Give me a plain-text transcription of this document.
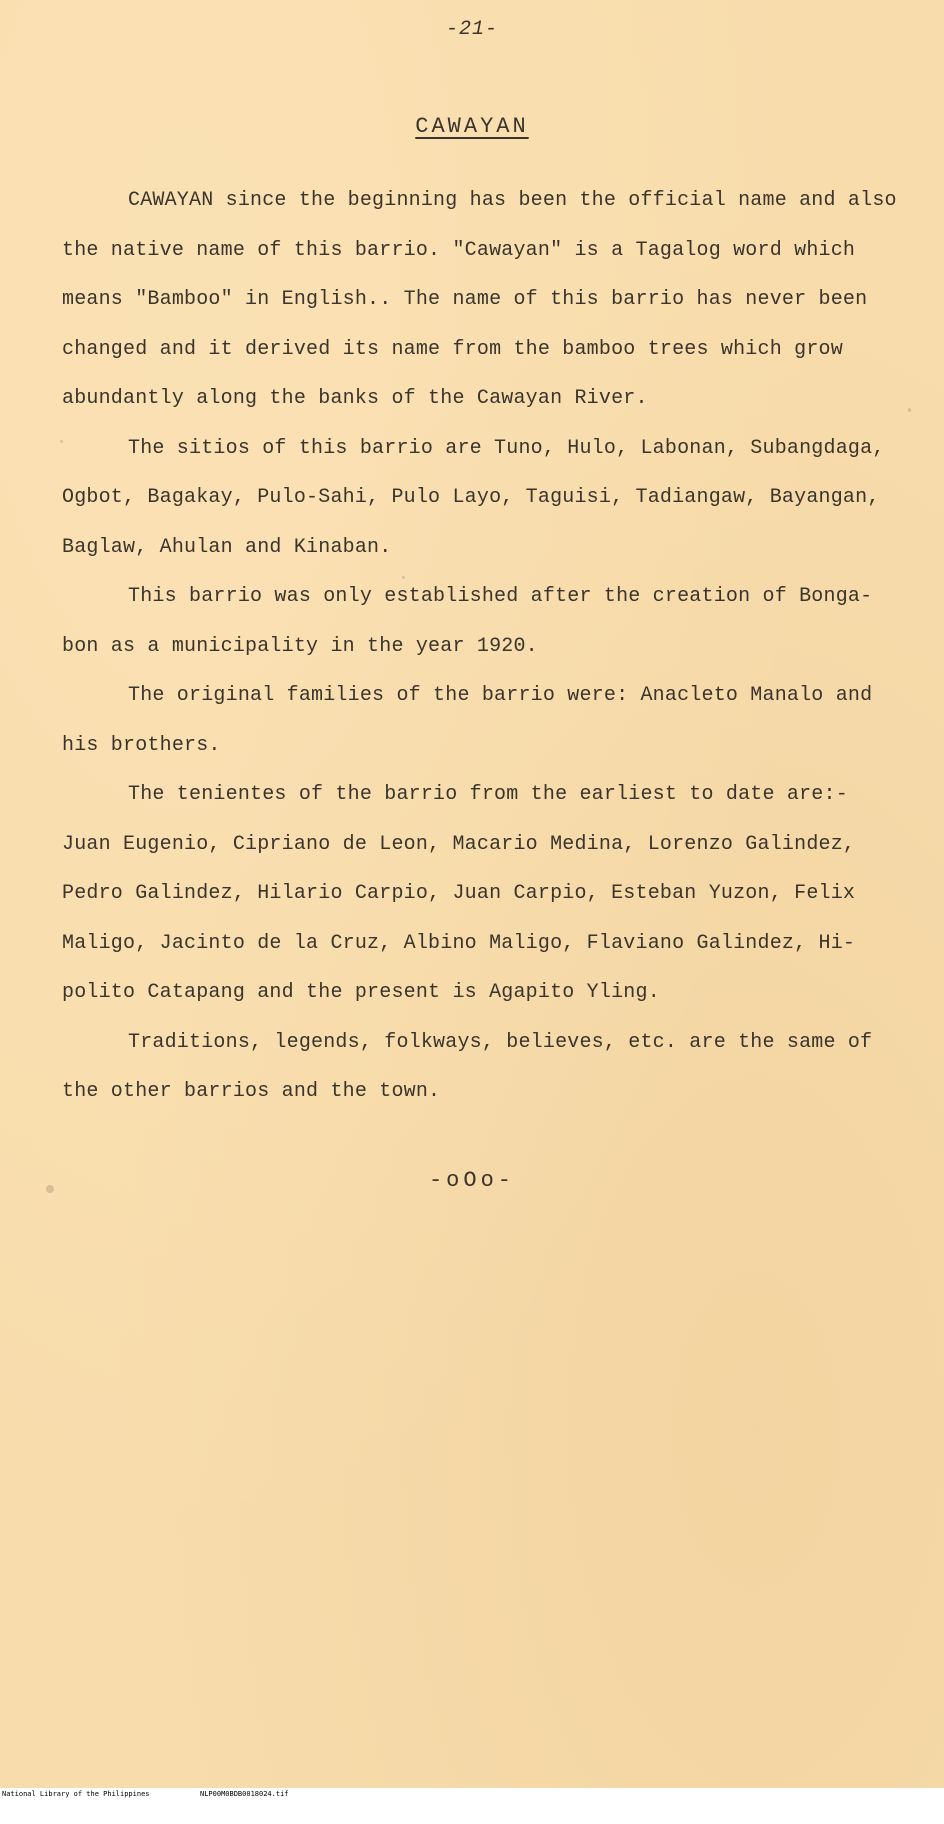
-21-
CAWAYAN

CAWAYAN since the beginning has been the official name and also the native name of this barrio. "Cawayan" is a Tagalog word which means "Bamboo" in English.. The name of this barrio has never been changed and it derived its name from the bamboo trees which grow abundantly along the banks of the Cawayan River.

The sitios of this barrio are Tuno, Hulo, Labonan, Subangdaga, Ogbot, Bagakay, Pulo-Sahi, Pulo Layo, Taguisi, Tadiangaw, Bayangan, Baglaw, Ahulan and Kinaban.

This barrio was only established after the creation of Bonga-bon as a municipality in the year 1920.

The original families of the barrio were: Anacleto Manalo and his brothers.

The tenientes of the barrio from the earliest to date are:- Juan Eugenio, Cipriano de Leon, Macario Medina, Lorenzo Galindez, Pedro Galindez, Hilario Carpio, Juan Carpio, Esteban Yuzon, Felix Maligo, Jacinto de la Cruz, Albino Maligo, Flaviano Galindez, Hi-polito Catapang and the present is Agapito Yling.

Traditions, legends, folkways, believes, etc. are the same of the other barrios and the town.

-oOo-

National Library of the Philippines

	NLP00M0BDB0018024.tif
